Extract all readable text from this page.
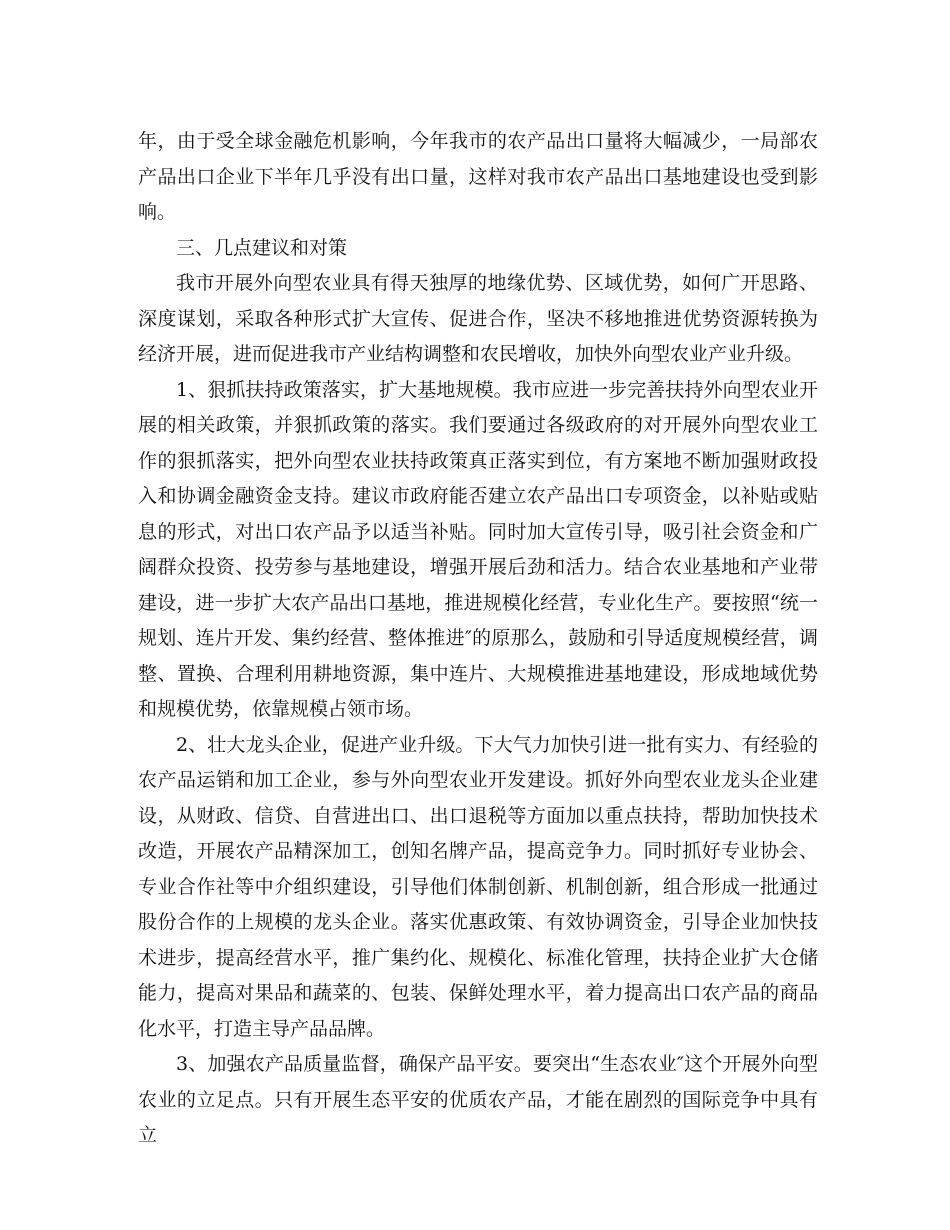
年，由于受全球金融危机影响，今年我市的农产品出口量将大幅减少，一局部农产品出口企业下半年几乎没有出口量，这样对我市农产品出口基地建设也受到影响。

三、几点建议和对策

我市开展外向型农业具有得天独厚的地缘优势、区域优势，如何广开思路、深度谋划，采取各种形式扩大宣传、促进合作，坚决不移地推进优势资源转换为经济开展，进而促进我市产业结构调整和农民增收，加快外向型农业产业升级。

1、狠抓扶持政策落实，扩大基地规模。我市应进一步完善扶持外向型农业开展的相关政策，并狠抓政策的落实。我们要通过各级政府的对开展外向型农业工作的狠抓落实，把外向型农业扶持政策真正落实到位，有方案地不断加强财政投入和协调金融资金支持。建议市政府能否建立农产品出口专项资金，以补贴或贴息的形式，对出口农产品予以适当补贴。同时加大宣传引导，吸引社会资金和广阔群众投资、投劳参与基地建设，增强开展后劲和活力。结合农业基地和产业带建设，进一步扩大农产品出口基地，推进规模化经营，专业化生产。要按照“统一规划、连片开发、集约经营、整体推进″的原那么，鼓励和引导适度规模经营，调整、置换、合理利用耕地资源，集中连片、大规模推进基地建设，形成地域优势和规模优势，依靠规模占领市场。

2、壮大龙头企业，促进产业升级。下大气力加快引进一批有实力、有经验的农产品运销和加工企业，参与外向型农业开发建设。抓好外向型农业龙头企业建设，从财政、信贷、自营进出口、出口退税等方面加以重点扶持，帮助加快技术改造，开展农产品精深加工，创知名牌产品，提高竞争力。同时抓好专业协会、专业合作社等中介组织建设，引导他们体制创新、机制创新，组合形成一批通过股份合作的上规模的龙头企业。落实优惠政策、有效协调资金，引导企业加快技术进步，提高经营水平，推广集约化、规模化、标准化管理，扶持企业扩大仓储能力，提高对果品和蔬菜的、包装、保鲜处理水平，着力提高出口农产品的商品化水平，打造主导产品品牌。

3、加强农产品质量监督，确保产品平安。要突出“生态农业″这个开展外向型农业的立足点。只有开展生态平安的优质农产品，才能在剧烈的国际竞争中具有立
